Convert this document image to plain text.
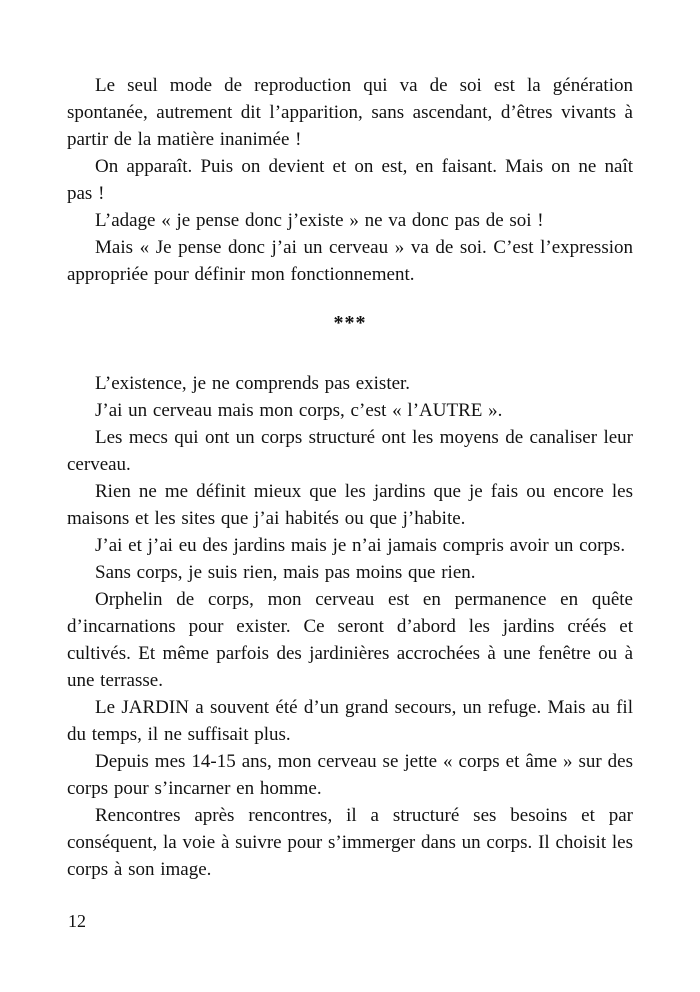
Le seul mode de reproduction qui va de soi est la génération spontanée, autrement dit l’apparition, sans ascendant, d’êtres vivants à partir de la matière inanimée !

On apparaît. Puis on devient et on est, en faisant. Mais on ne naît pas !

L’adage « je pense donc j’existe » ne va donc pas de soi !

Mais « Je pense donc j’ai un cerveau » va de soi. C’est l’expression appropriée pour définir mon fonctionnement.

***

L’existence, je ne comprends pas exister.

J’ai un cerveau mais mon corps, c’est « l’AUTRE ».

Les mecs qui ont un corps structuré ont les moyens de canaliser leur cerveau.

Rien ne me définit mieux que les jardins que je fais ou encore les maisons et les sites que j’ai habités ou que j’habite.

J’ai et j’ai eu des jardins mais je n’ai jamais compris avoir un corps.

Sans corps, je suis rien, mais pas moins que rien.

Orphelin de corps, mon cerveau est en permanence en quête d’incarnations pour exister. Ce seront d’abord les jardins créés et cultivés. Et même parfois des jardinières accrochées à une fenêtre ou à une terrasse.

Le JARDIN a souvent été d’un grand secours, un refuge. Mais au fil du temps, il ne suffisait plus.

Depuis mes 14-15 ans, mon cerveau se jette « corps et âme » sur des corps pour s’incarner en homme.

Rencontres après rencontres, il a structuré ses besoins et par conséquent, la voie à suivre pour s’immerger dans un corps. Il choisit les corps à son image.

12
